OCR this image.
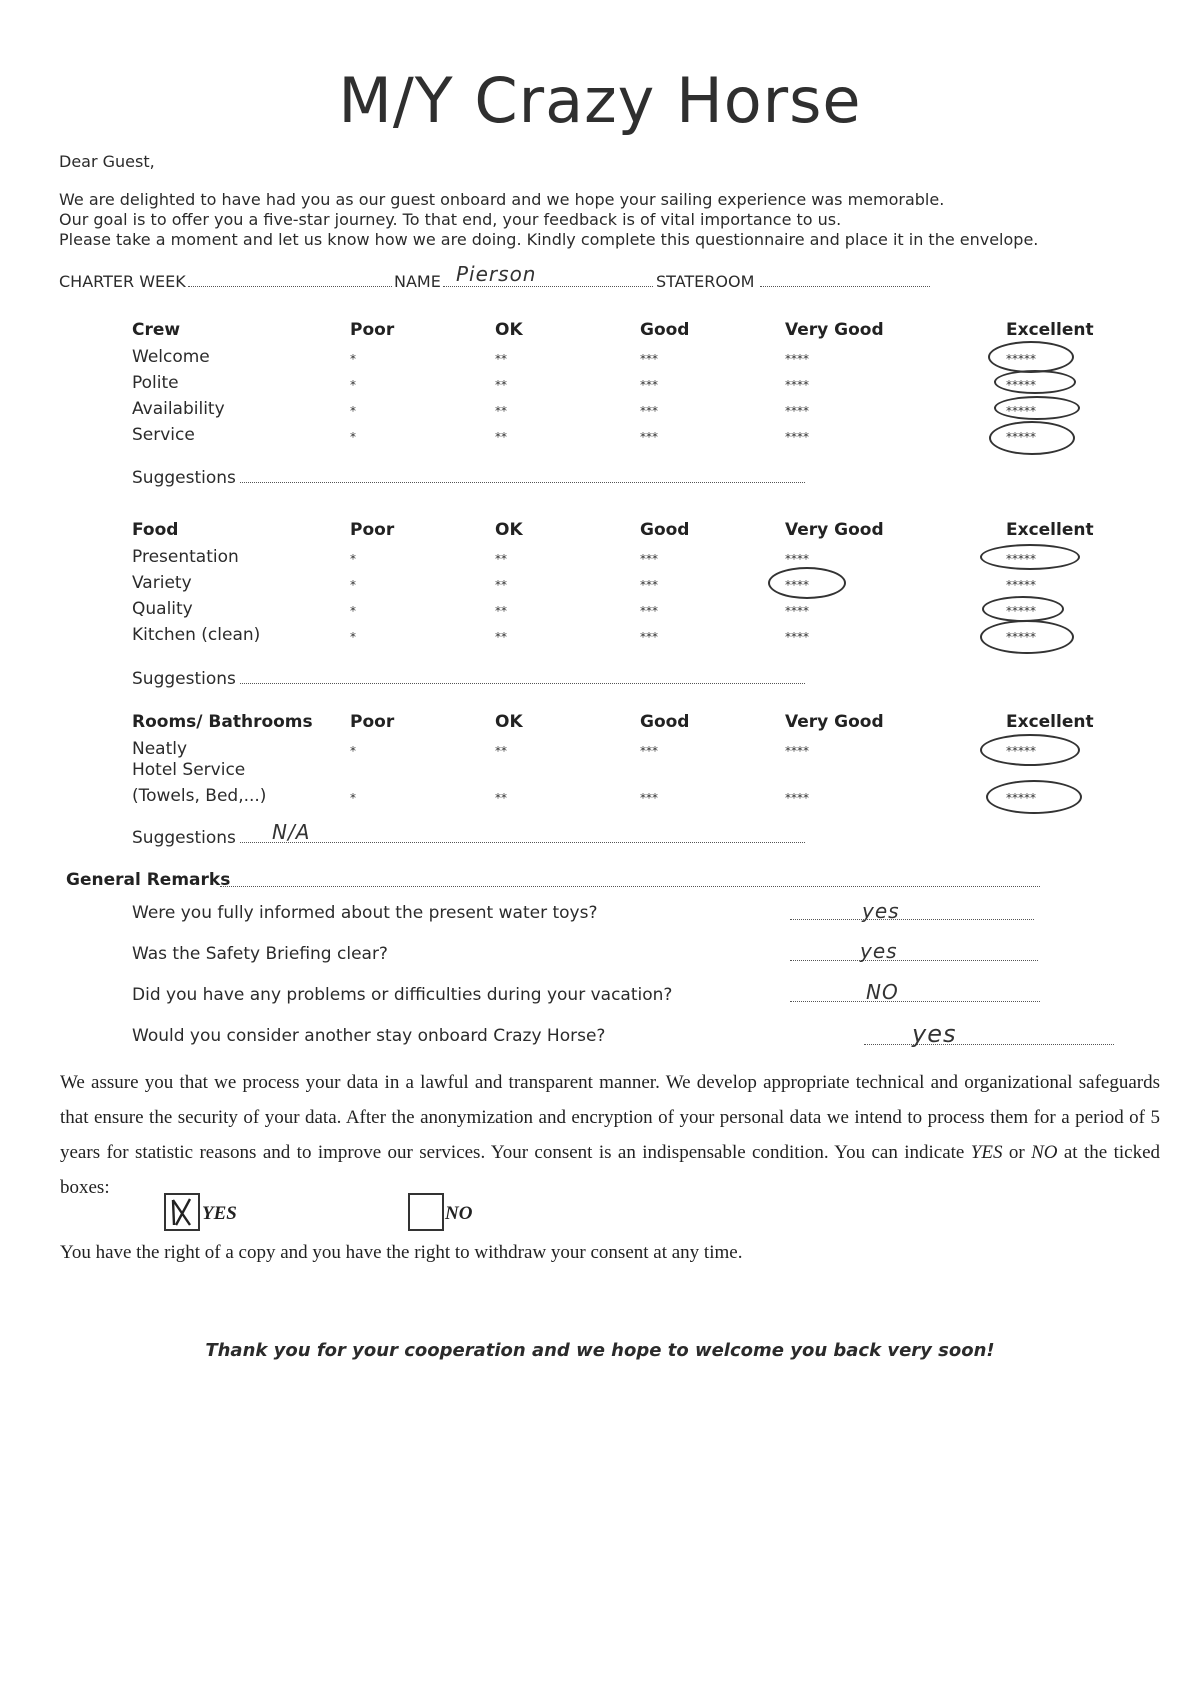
M/Y Crazy Horse
Dear Guest,
We are delighted to have had you as our guest onboard and we hope your sailing experience was memorable.
Our goal is to offer you a five-star journey. To that end, your feedback is of vital importance to us.
Please take a moment and let us know how we are doing. Kindly complete this questionnaire and place it in the envelope.
CHARTER WEEK	NAME Pierson	STATEROOM
Crew	Poor	OK	Good	Very Good	Excellent
Welcome	*	**	***	****	*****
Polite	*	**	***	****	*****
Availability	*	**	***	****	*****
Service	*	**	***	****	*****
Suggestions
Food	Poor	OK	Good	Very Good	Excellent
Presentation	*	**	***	****	*****
Variety	*	**	***	****	*****
Quality	*	**	***	****	*****
Kitchen (clean)	*	**	***	****	*****
Suggestions
Rooms/ Bathrooms Poor	OK	Good	Very Good	Excellent
Neatly	*	**	***	****	*****
Hotel Service
(Towels, Bed,...)	*	**	***	****	*****
Suggestions N/A
General Remarks
Were you fully informed about the present water toys?	yes
Was the Safety Briefing clear?	yes
Did you have any problems or difficulties during your vacation?	NO
Would you consider another stay onboard Crazy Horse?	yes
We assure you that we process your data in a lawful and transparent manner. We develop appropriate technical and organizational safeguards that ensure the security of your data. After the anonymization and encryption of your personal data we intend to process them for a period of 5 years for statistic reasons and to improve our services. Your consent is an indispensable condition. You can indicate YES or NO at the ticked boxes:
YES	NO
You have the right of a copy and you have the right to withdraw your consent at any time.
Thank you for your cooperation and we hope to welcome you back very soon!
